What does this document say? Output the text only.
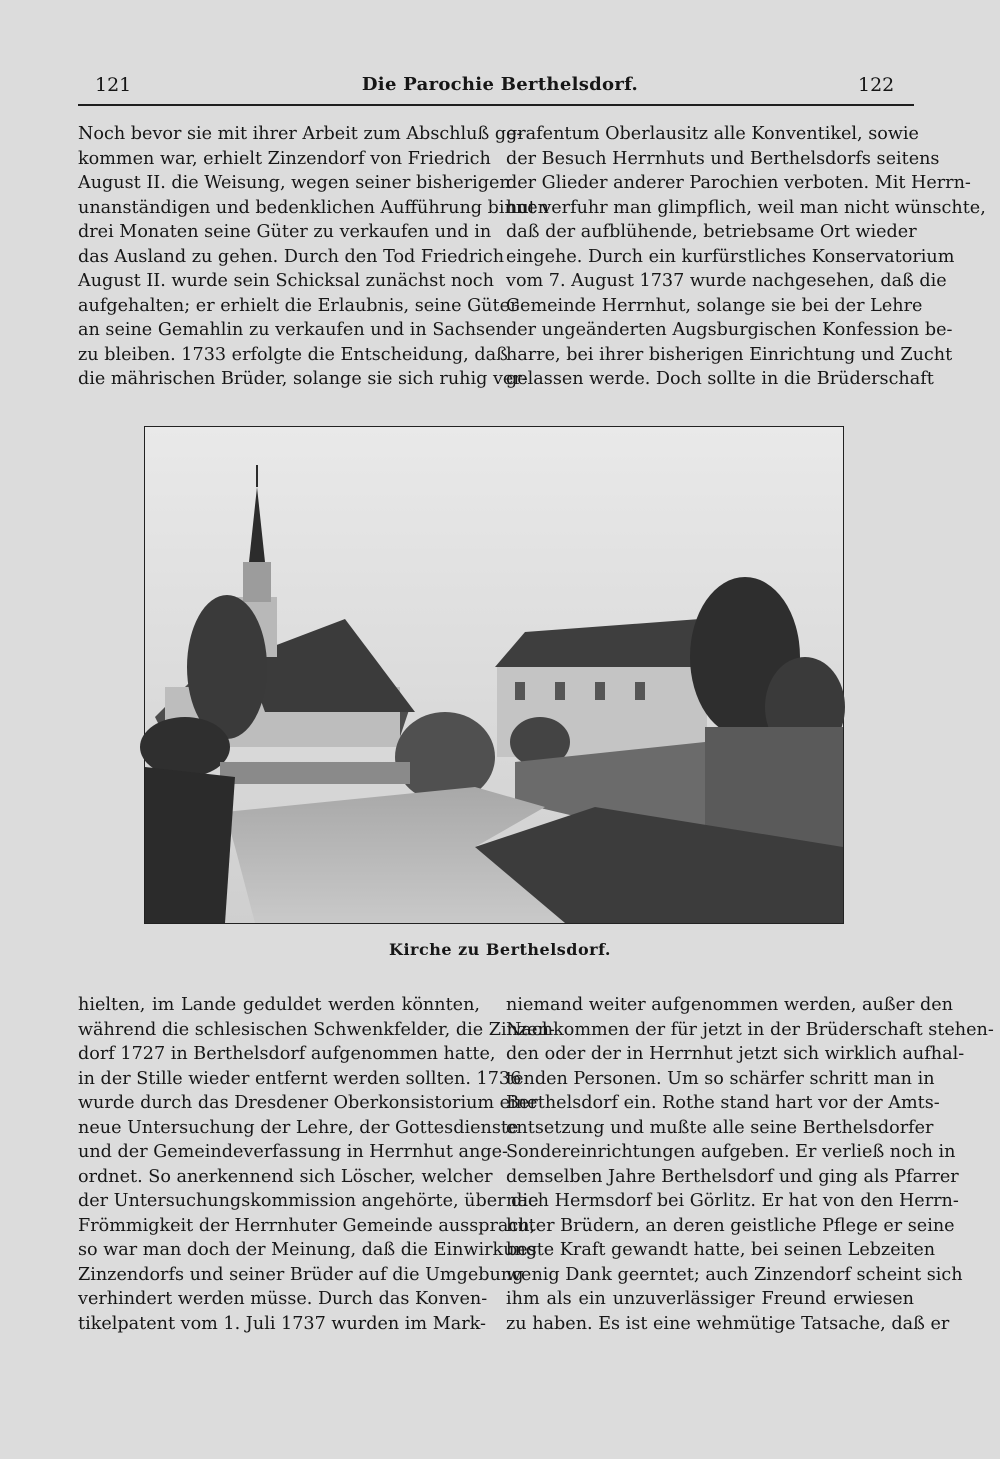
121	Die Parochie Berthelsdorf.	122
Noch bevor sie mit ihrer Arbeit zum Abschluß ge-
kommen war, erhielt Zinzendorf von Friedrich
August II. die Weisung, wegen seiner bisherigen
unanständigen und bedenklichen Aufführung binnen
drei Monaten seine Güter zu verkaufen und in
das Ausland zu gehen. Durch den Tod Friedrich
August II. wurde sein Schicksal zunächst noch
aufgehalten; er erhielt die Erlaubnis, seine Güter
an seine Gemahlin zu verkaufen und in Sachsen
zu bleiben. 1733 erfolgte die Entscheidung, daß
die mährischen Brüder, solange sie sich ruhig ver-
grafentum Oberlausitz alle Konventikel, sowie
der Besuch Herrnhuts und Berthelsdorfs seitens
der Glieder anderer Parochien verboten. Mit Herrn-
hut verfuhr man glimpflich, weil man nicht wünschte,
daß der aufblühende, betriebsame Ort wieder
eingehe. Durch ein kurfürstliches Konservatorium
vom 7. August 1737 wurde nachgesehen, daß die
Gemeinde Herrnhut, solange sie bei der Lehre
der ungeänderten Augsburgischen Konfession be-
harre, bei ihrer bisherigen Einrichtung und Zucht
gelassen werde. Doch sollte in die Brüderschaft
Kirche zu Berthelsdorf.
hielten, im Lande geduldet werden könnten,
während die schlesischen Schwenkfelder, die Zinzen-
dorf 1727 in Berthelsdorf aufgenommen hatte,
in der Stille wieder entfernt werden sollten. 1736
wurde durch das Dresdener Oberkonsistorium eine
neue Untersuchung der Lehre, der Gottesdienste
und der Gemeindeverfassung in Herrnhut ange-
ordnet. So anerkennend sich Löscher, welcher
der Untersuchungskommission angehörte, über die
Frömmigkeit der Herrnhuter Gemeinde aussprach,
so war man doch der Meinung, daß die Einwirkung
Zinzendorfs und seiner Brüder auf die Umgebung
verhindert werden müsse. Durch das Konven-
tikelpatent vom 1. Juli 1737 wurden im Mark-
niemand weiter aufgenommen werden, außer den
Nachkommen der für jetzt in der Brüderschaft stehen-
den oder der in Herrnhut jetzt sich wirklich aufhal-
tenden Personen. Um so schärfer schritt man in
Berthelsdorf ein. Rothe stand hart vor der Amts-
entsetzung und mußte alle seine Berthelsdorfer
Sondereinrichtungen aufgeben. Er verließ noch in
demselben Jahre Berthelsdorf und ging als Pfarrer
nach Hermsdorf bei Görlitz. Er hat von den Herrn-
huter Brüdern, an deren geistliche Pflege er seine
beste Kraft gewandt hatte, bei seinen Lebzeiten
wenig Dank geerntet; auch Zinzendorf scheint sich
ihm als ein unzuverlässiger Freund erwiesen
zu haben. Es ist eine wehmütige Tatsache, daß er
